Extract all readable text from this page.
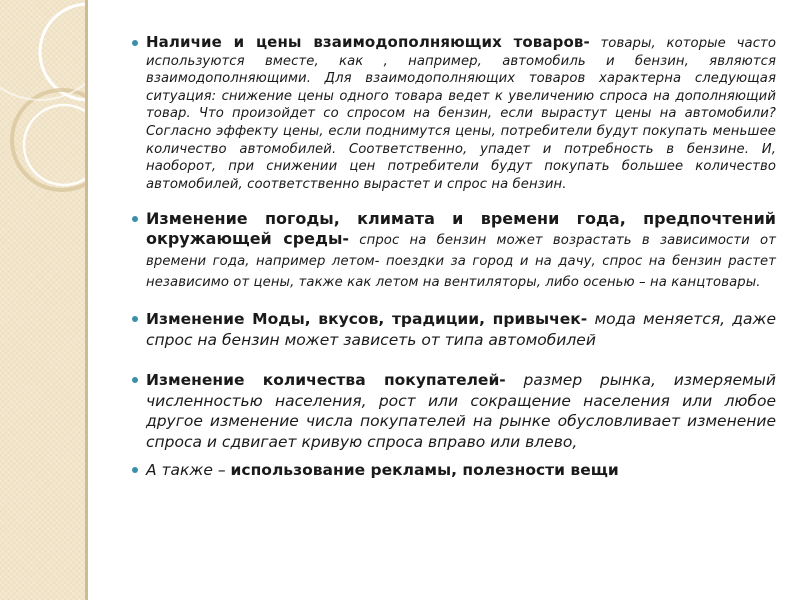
Наличие и цены взаимодополняющих товаров- товары, которые часто используются вместе, как , например, автомобиль и бензин, являются взаимодополняющими. Для взаимодополняющих товаров характерна следующая ситуация: снижение цены одного товара ведет к увеличению спроса на дополняющий товар. Что произойдет со спросом на бензин, если вырастут цены на автомобили? Согласно эффекту цены, если поднимутся цены, потребители будут покупать меньшее количество автомобилей. Соответственно, упадет и потребность в бензине. И, наоборот, при снижении цен потребители будут покупать большее количество автомобилей, соответственно вырастет и спрос на бензин.
Изменение погоды, климата и времени года, предпочтений окружающей среды- спрос на бензин может возрастать в зависимости от времени года, например летом- поездки за город и на дачу, спрос на бензин растет независимо от цены, также как летом на вентиляторы, либо осенью – на канцтовары.
Изменение Моды, вкусов, традиции, привычек- мода меняется, даже спрос на бензин может зависеть от типа автомобилей
Изменение количества покупателей- размер рынка, измеряемый численностью населения, рост или сокращение населения или любое другое изменение числа покупателей на рынке обусловливает изменение спроса и сдвигает кривую спроса вправо или влево,
А также – использование рекламы, полезности вещи
